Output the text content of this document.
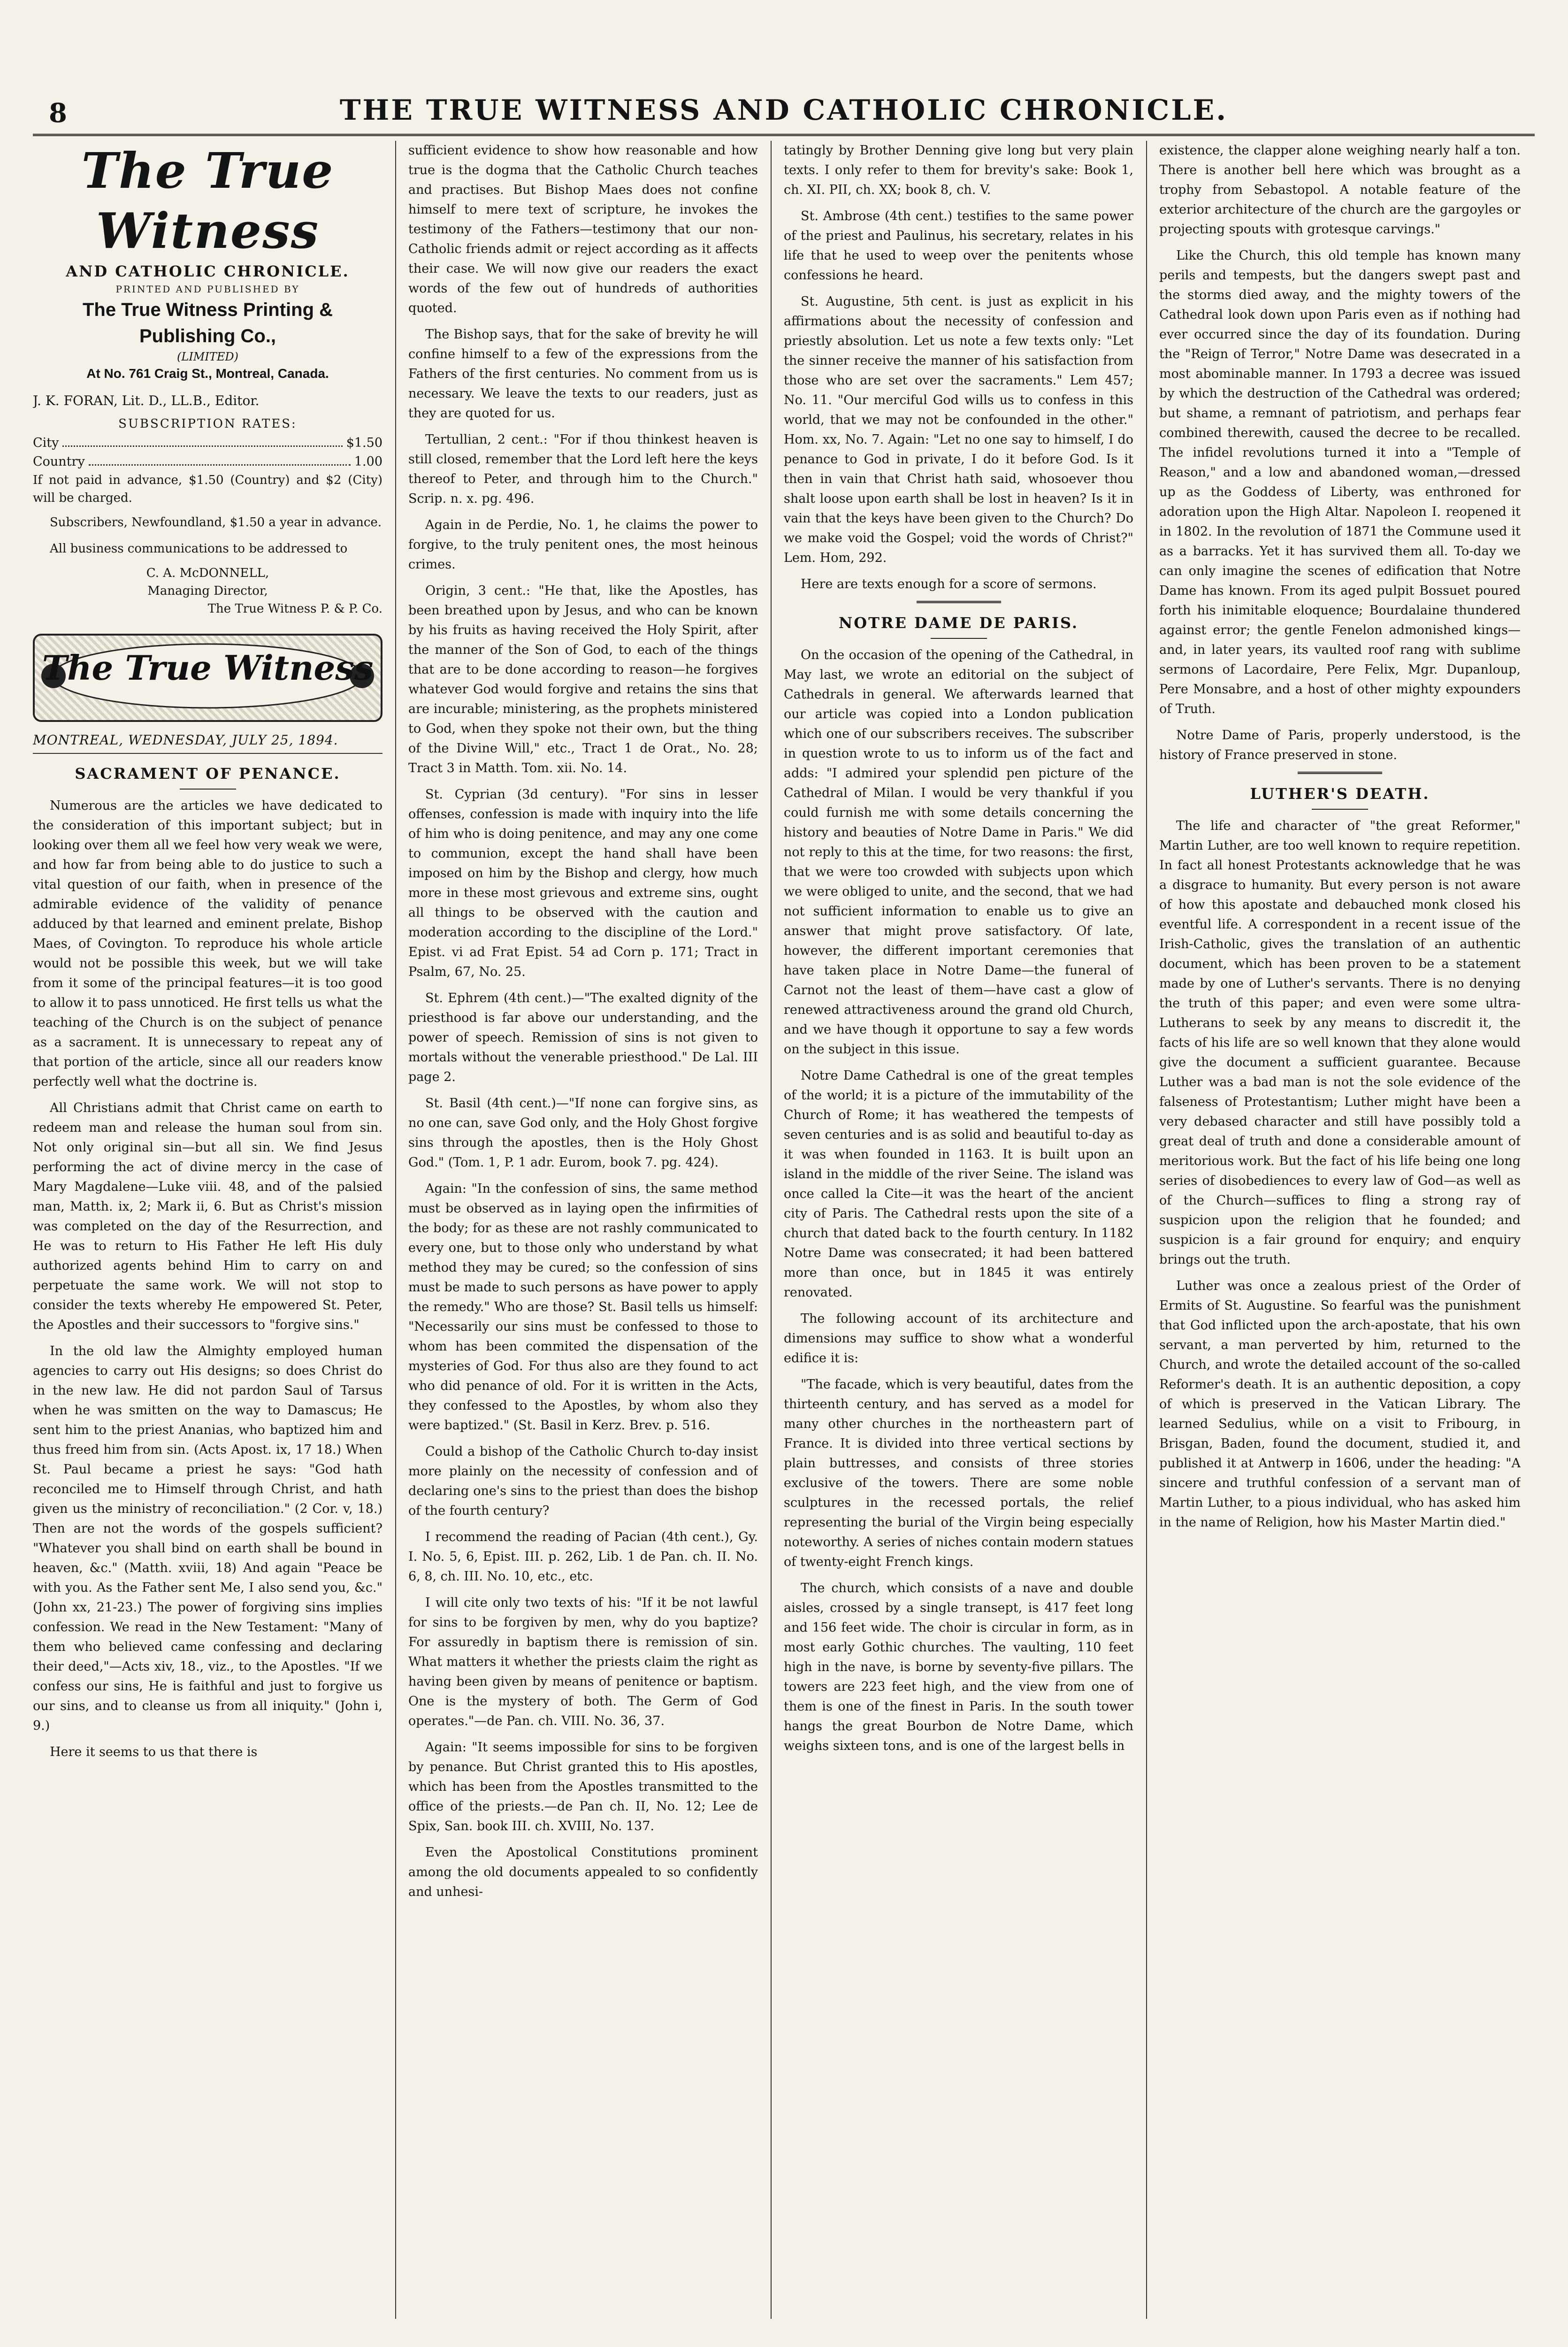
8	THE TRUE WITNESS AND CATHOLIC CHRONICLE.
The True Witness
AND CATHOLIC CHRONICLE.
PRINTED AND PUBLISHED BY
The True Witness Printing & Publishing Co.,
(LIMITED)
At No. 761 Craig St., Montreal, Canada.
J. K. FORAN, Lit. D., LL.B., Editor.
SUBSCRIPTION RATES:
City	$1.50
Country	1.00

If not paid in advance, $1.50 (Country) and $2 (City) will be charged.

Subscribers, Newfoundland, $1.50 a year in advance.

All business communications to be addressed to

C. A. McDONNELL,
Managing Director,
The True Witness P. & P. Co.
The True Witness
MONTREAL, WEDNESDAY, JULY 25, 1894.
SACRAMENT OF PENANCE.

Numerous are the articles we have dedicated to the consideration of this important subject; but in looking over them all we feel how very weak we were, and how far from being able to do justice to such a vital question of our faith, when in presence of the admirable evidence of the validity of penance adduced by that learned and eminent prelate, Bishop Maes, of Covington. To reproduce his whole article would not be possible this week, but we will take from it some of the principal features—it is too good to allow it to pass unnoticed. He first tells us what the teaching of the Church is on the subject of penance as a sacrament. It is unnecessary to repeat any of that portion of the article, since all our readers know perfectly well what the doctrine is.

All Christians admit that Christ came on earth to redeem man and release the human soul from sin. Not only original sin—but all sin. We find Jesus performing the act of divine mercy in the case of Mary Magdalene—Luke viii. 48, and of the palsied man, Matth. ix, 2; Mark ii, 6. But as Christ's mission was completed on the day of the Resurrection, and He was to return to His Father He left His duly authorized agents behind Him to carry on and perpetuate the same work. We will not stop to consider the texts whereby He empowered St. Peter, the Apostles and their successors to "forgive sins."

In the old law the Almighty employed human agencies to carry out His designs; so does Christ do in the new law. He did not pardon Saul of Tarsus when he was smitten on the way to Damascus; He sent him to the priest Ananias, who baptized him and thus freed him from sin. (Acts Apost. ix, 17 18.) When St. Paul became a priest he says: "God hath reconciled me to Himself through Christ, and hath given us the ministry of reconciliation." (2 Cor. v, 18.) Then are not the words of the gospels sufficient? "Whatever you shall bind on earth shall be bound in heaven, &c." (Matth. xviii, 18) And again "Peace be with you. As the Father sent Me, I also send you, &c." (John xx, 21-23.) The power of forgiving sins implies confession. We read in the New Testament: "Many of them who believed came confessing and declaring their deed,"—Acts xiv, 18., viz., to the Apostles. "If we confess our sins, He is faithful and just to forgive us our sins, and to cleanse us from all iniquity." (John i, 9.)

Here it seems to us that there is

sufficient evidence to show how reasonable and how true is the dogma that the Catholic Church teaches and practises. But Bishop Maes does not confine himself to mere text of scripture, he invokes the testimony of the Fathers—testimony that our non-Catholic friends admit or reject according as it affects their case. We will now give our readers the exact words of the few out of hundreds of authorities quoted.

The Bishop says, that for the sake of brevity he will confine himself to a few of the expressions from the Fathers of the first centuries. No comment from us is necessary. We leave the texts to our readers, just as they are quoted for us.

Tertullian, 2 cent.: "For if thou thinkest heaven is still closed, remember that the Lord left here the keys thereof to Peter, and through him to the Church." Scrip. n. x. pg. 496.

Again in de Perdie, No. 1, he claims the power to forgive, to the truly penitent ones, the most heinous crimes.

Origin, 3 cent.: "He that, like the Apostles, has been breathed upon by Jesus, and who can be known by his fruits as having received the Holy Spirit, after the manner of the Son of God, to each of the things that are to be done according to reason—he forgives whatever God would forgive and retains the sins that are incurable; ministering, as the prophets ministered to God, when they spoke not their own, but the thing of the Divine Will," etc., Tract 1 de Orat., No. 28; Tract 3 in Matth. Tom. xii. No. 14.

St. Cyprian (3d century). "For sins in lesser offenses, confession is made with inquiry into the life of him who is doing penitence, and may any one come to communion, except the hand shall have been imposed on him by the Bishop and clergy, how much more in these most grievous and extreme sins, ought all things to be observed with the caution and moderation according to the discipline of the Lord." Epist. vi ad Frat Epist. 54 ad Corn p. 171; Tract in Psalm, 67, No. 25.

St. Ephrem (4th cent.)—"The exalted dignity of the priesthood is far above our understanding, and the power of speech. Remission of sins is not given to mortals without the venerable priesthood." De Lal. III page 2.

St. Basil (4th cent.)—"If none can forgive sins, as no one can, save God only, and the Holy Ghost forgive sins through the apostles, then is the Holy Ghost God." (Tom. 1, P. 1 adr. Eurom, book 7. pg. 424).

Again: "In the confession of sins, the same method must be observed as in laying open the infirmities of the body; for as these are not rashly communicated to every one, but to those only who understand by what method they may be cured; so the confession of sins must be made to such persons as have power to apply the remedy." Who are those? St. Basil tells us himself: "Necessarily our sins must be confessed to those to whom has been commited the dispensation of the mysteries of God. For thus also are they found to act who did penance of old. For it is written in the Acts, they confessed to the Apostles, by whom also they were baptized." (St. Basil in Kerz. Brev. p. 516.

Could a bishop of the Catholic Church to-day insist more plainly on the necessity of confession and of declaring one's sins to the priest than does the bishop of the fourth century?

I recommend the reading of Pacian (4th cent.), Gy. I. No. 5, 6, Epist. III. p. 262, Lib. 1 de Pan. ch. II. No. 6, 8, ch. III. No. 10, etc., etc.

I will cite only two texts of his: "If it be not lawful for sins to be forgiven by men, why do you baptize? For assuredly in baptism there is remission of sin. What matters it whether the priests claim the right as having been given by means of penitence or baptism. One is the mystery of both. The Germ of God operates."—de Pan. ch. VIII. No. 36, 37.

Again: "It seems impossible for sins to be forgiven by penance. But Christ granted this to His apostles, which has been from the Apostles transmitted to the office of the priests.—de Pan ch. II, No. 12; Lee de Spix, San. book III. ch. XVIII, No. 137.

Even the Apostolical Constitutions prominent among the old documents appealed to so confidently and unhesi-

tatingly by Brother Denning give long but very plain texts. I only refer to them for brevity's sake: Book 1, ch. XI. PII, ch. XX; book 8, ch. V.

St. Ambrose (4th cent.) testifies to the same power of the priest and Paulinus, his secretary, relates in his life that he used to weep over the penitents whose confessions he heard.

St. Augustine, 5th cent. is just as explicit in his affirmations about the necessity of confession and priestly absolution. Let us note a few texts only: "Let the sinner receive the manner of his satisfaction from those who are set over the sacraments." Lem 457; No. 11. "Our merciful God wills us to confess in this world, that we may not be confounded in the other." Hom. xx, No. 7. Again: "Let no one say to himself, I do penance to God in private, I do it before God. Is it then in vain that Christ hath said, whosoever thou shalt loose upon earth shall be lost in heaven? Is it in vain that the keys have been given to the Church? Do we make void the Gospel; void the words of Christ?" Lem. Hom, 292.

Here are texts enough for a score of sermons.

NOTRE DAME DE PARIS.

On the occasion of the opening of the Cathedral, in May last, we wrote an editorial on the subject of Cathedrals in general. We afterwards learned that our article was copied into a London publication which one of our subscribers receives. The subscriber in question wrote to us to inform us of the fact and adds: "I admired your splendid pen picture of the Cathedral of Milan. I would be very thankful if you could furnish me with some details concerning the history and beauties of Notre Dame in Paris." We did not reply to this at the time, for two reasons: the first, that we were too crowded with subjects upon which we were obliged to unite, and the second, that we had not sufficient information to enable us to give an answer that might prove satisfactory. Of late, however, the different important ceremonies that have taken place in Notre Dame—the funeral of Carnot not the least of them—have cast a glow of renewed attractiveness around the grand old Church, and we have though it opportune to say a few words on the subject in this issue.

Notre Dame Cathedral is one of the great temples of the world; it is a picture of the immutability of the Church of Rome; it has weathered the tempests of seven centuries and is as solid and beautiful to-day as it was when founded in 1163. It is built upon an island in the middle of the river Seine. The island was once called la Cite—it was the heart of the ancient city of Paris. The Cathedral rests upon the site of a church that dated back to the fourth century. In 1182 Notre Dame was consecrated; it had been battered more than once, but in 1845 it was entirely renovated.

The following account of its architecture and dimensions may suffice to show what a wonderful edifice it is:

"The facade, which is very beautiful, dates from the thirteenth century, and has served as a model for many other churches in the northeastern part of France. It is divided into three vertical sections by plain buttresses, and consists of three stories exclusive of the towers. There are some noble sculptures in the recessed portals, the relief representing the burial of the Virgin being especially noteworthy. A series of niches contain modern statues of twenty-eight French kings.

The church, which consists of a nave and double aisles, crossed by a single transept, is 417 feet long and 156 feet wide. The choir is circular in form, as in most early Gothic churches. The vaulting, 110 feet high in the nave, is borne by seventy-five pillars. The towers are 223 feet high, and the view from one of them is one of the finest in Paris. In the south tower hangs the great Bourbon de Notre Dame, which weighs sixteen tons, and is one of the largest bells in

existence, the clapper alone weighing nearly half a ton. There is another bell here which was brought as a trophy from Sebastopol. A notable feature of the exterior architecture of the church are the gargoyles or projecting spouts with grotesque carvings."

Like the Church, this old temple has known many perils and tempests, but the dangers swept past and the storms died away, and the mighty towers of the Cathedral look down upon Paris even as if nothing had ever occurred since the day of its foundation. During the "Reign of Terror," Notre Dame was desecrated in a most abominable manner. In 1793 a decree was issued by which the destruction of the Cathedral was ordered; but shame, a remnant of patriotism, and perhaps fear combined therewith, caused the decree to be recalled. The infidel revolutions turned it into a "Temple of Reason," and a low and abandoned woman,—dressed up as the Goddess of Liberty, was enthroned for adoration upon the High Altar. Napoleon I. reopened it in 1802. In the revolution of 1871 the Commune used it as a barracks. Yet it has survived them all. To-day we can only imagine the scenes of edification that Notre Dame has known. From its aged pulpit Bossuet poured forth his inimitable eloquence; Bourdalaine thundered against error; the gentle Fenelon admonished kings—and, in later years, its vaulted roof rang with sublime sermons of Lacordaire, Pere Felix, Mgr. Dupanloup, Pere Monsabre, and a host of other mighty expounders of Truth.

Notre Dame of Paris, properly understood, is the history of France preserved in stone.

LUTHER'S DEATH.

The life and character of "the great Reformer," Martin Luther, are too well known to require repetition. In fact all honest Protestants acknowledge that he was a disgrace to humanity. But every person is not aware of how this apostate and debauched monk closed his eventful life. A correspondent in a recent issue of the Irish-Catholic, gives the translation of an authentic document, which has been proven to be a statement made by one of Luther's servants. There is no denying the truth of this paper; and even were some ultra-Lutherans to seek by any means to discredit it, the facts of his life are so well known that they alone would give the document a sufficient guarantee. Because Luther was a bad man is not the sole evidence of the falseness of Protestantism; Luther might have been a very debased character and still have possibly told a great deal of truth and done a considerable amount of meritorious work. But the fact of his life being one long series of disobediences to every law of God—as well as of the Church—suffices to fling a strong ray of suspicion upon the religion that he founded; and suspicion is a fair ground for enquiry; and enquiry brings out the truth.

Luther was once a zealous priest of the Order of Ermits of St. Augustine. So fearful was the punishment that God inflicted upon the arch-apostate, that his own servant, a man perverted by him, returned to the Church, and wrote the detailed account of the so-called Reformer's death. It is an authentic deposition, a copy of which is preserved in the Vatican Library. The learned Sedulius, while on a visit to Fribourg, in Brisgan, Baden, found the document, studied it, and published it at Antwerp in 1606, under the heading: "A sincere and truthful confession of a servant man of Martin Luther, to a pious individual, who has asked him in the name of Religion, how his Master Martin died."
